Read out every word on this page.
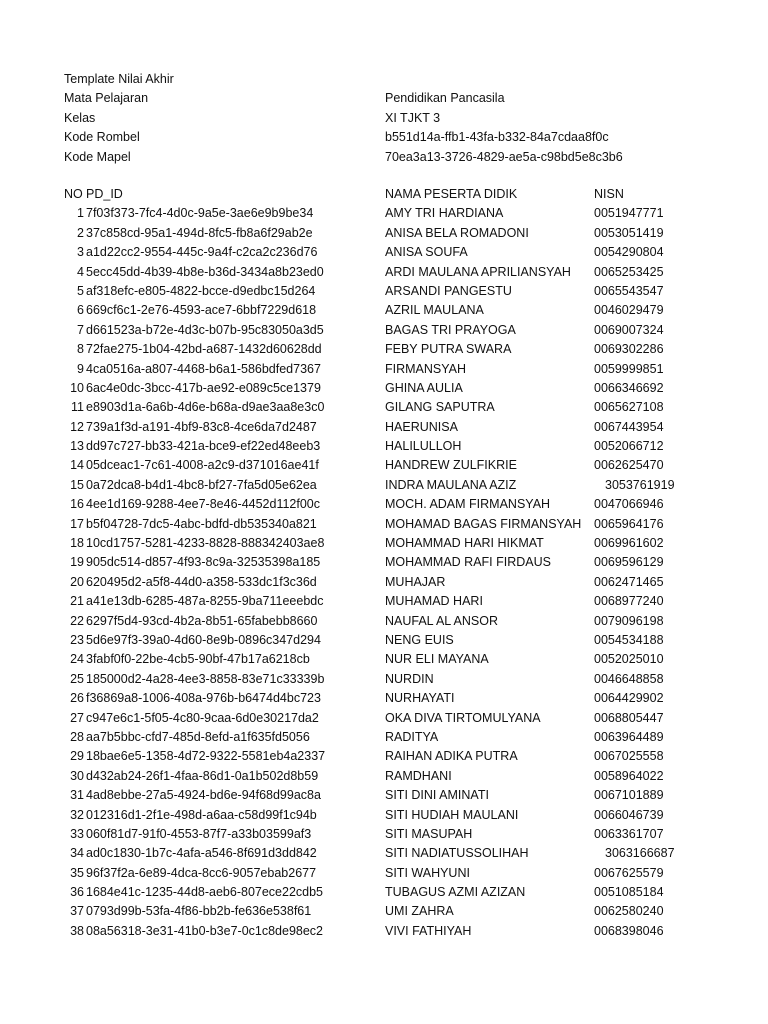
Template Nilai Akhir
Mata Pelajaran	Pendidikan Pancasila
Kelas	XI TJKT 3
Kode Rombel	b551d14a-ffb1-43fa-b332-84a7cdaa8f0c
Kode Mapel	70ea3a13-3726-4829-ae5a-c98bd5e8c3b6
NO PD_ID	NAMA PESERTA DIDIK	NISN
1 7f03f373-7fc4-4d0c-9a5e-3ae6e9b9be34	AMY TRI HARDIANA	0051947771
2 37c858cd-95a1-494d-8fc5-fb8a6f29ab2e	ANISA BELA ROMADONI	0053051419
3 a1d22cc2-9554-445c-9a4f-c2ca2c236d76	ANISA SOUFA	0054290804
4 5ecc45dd-4b39-4b8e-b36d-3434a8b23ed0	ARDI MAULANA APRILIANSYAH 0065253425
5 af318efc-e805-4822-bcce-d9edbc15d264	ARSANDI PANGESTU	0065543547
6 669cf6c1-2e76-4593-ace7-6bbf7229d618	AZRIL MAULANA	0046029479
7 d661523a-b72e-4d3c-b07b-95c83050a3d5	BAGAS TRI PRAYOGA	0069007324
8 72fae275-1b04-42bd-a687-1432d60628dd	FEBY PUTRA SWARA	0069302286
9 4ca0516a-a807-4468-b6a1-586bdfed7367	FIRMANSYAH	0059999851
10 6ac4e0dc-3bcc-417b-ae92-e089c5ce1379	GHINA AULIA	0066346692
11 e8903d1a-6a6b-4d6e-b68a-d9ae3aa8e3c0	GILANG SAPUTRA	0065627108
12 739a1f3d-a191-4bf9-83c8-4ce6da7d2487	HAERUNISA	0067443954
13 dd97c727-bb33-421a-bce9-ef22ed48eeb3	HALILULLOH	0052066712
14 05dceac1-7c61-4008-a2c9-d371016ae41f	HANDREW ZULFIKRIE	0062625470
15 0a72dca8-b4d1-4bc8-bf27-7fa5d05e62ea	INDRA MAULANA AZIZ	3053761919
16 4ee1d169-9288-4ee7-8e46-4452d112f00c	MOCH. ADAM FIRMANSYAH	0047066946
17 b5f04728-7dc5-4abc-bdfd-db535340a821	MOHAMAD BAGAS FIRMANSYAH 0065964176
18 10cd1757-5281-4233-8828-888342403ae8	MOHAMMAD HARI HIKMAT	0069961602
19 905dc514-d857-4f93-8c9a-32535398a185	MOHAMMAD RAFI FIRDAUS	0069596129
20 620495d2-a5f8-44d0-a358-533dc1f3c36d	MUHAJAR	0062471465
21 a41e13db-6285-487a-8255-9ba711eeebdc	MUHAMAD HARI	0068977240
22 6297f5d4-93cd-4b2a-8b51-65fabebb8660	NAUFAL AL ANSOR	0079096198
23 5d6e97f3-39a0-4d60-8e9b-0896c347d294	NENG EUIS	0054534188
24 3fabf0f0-22be-4cb5-90bf-47b17a6218cb	NUR ELI MAYANA	0052025010
25 185000d2-4a28-4ee3-8858-83e71c33339b	NURDIN	0046648858
26 f36869a8-1006-408a-976b-b6474d4bc723	NURHAYATI	0064429902
27 c947e6c1-5f05-4c80-9caa-6d0e30217da2	OKA DIVA TIRTOMULYANA	0068805447
28 aa7b5bbc-cfd7-485d-8efd-a1f635fd5056	RADITYA	0063964489
29 18bae6e5-1358-4d72-9322-5581eb4a2337	RAIHAN ADIKA PUTRA	0067025558
30 d432ab24-26f1-4faa-86d1-0a1b502d8b59	RAMDHANI	0058964022
31 4ad8ebbe-27a5-4924-bd6e-94f68d99ac8a	SITI DINI AMINATI	0067101889
32 012316d1-2f1e-498d-a6aa-c58d99f1c94b	SITI HUDIAH MAULANI	0066046739
33 060f81d7-91f0-4553-87f7-a33b03599af3	SITI MASUPAH	0063361707
34 ad0c1830-1b7c-4afa-a546-8f691d3dd842	SITI NADIATUSSOLIHAH	3063166687
35 96f37f2a-6e89-4dca-8cc6-9057ebab2677	SITI WAHYUNI	0067625579
36 1684e41c-1235-44d8-aeb6-807ece22cdb5	TUBAGUS AZMI AZIZAN	0051085184
37 0793d99b-53fa-4f86-bb2b-fe636e538f61	UMI ZAHRA	0062580240
38 08a56318-3e31-41b0-b3e7-0c1c8de98ec2	VIVI FATHIYAH	0068398046
